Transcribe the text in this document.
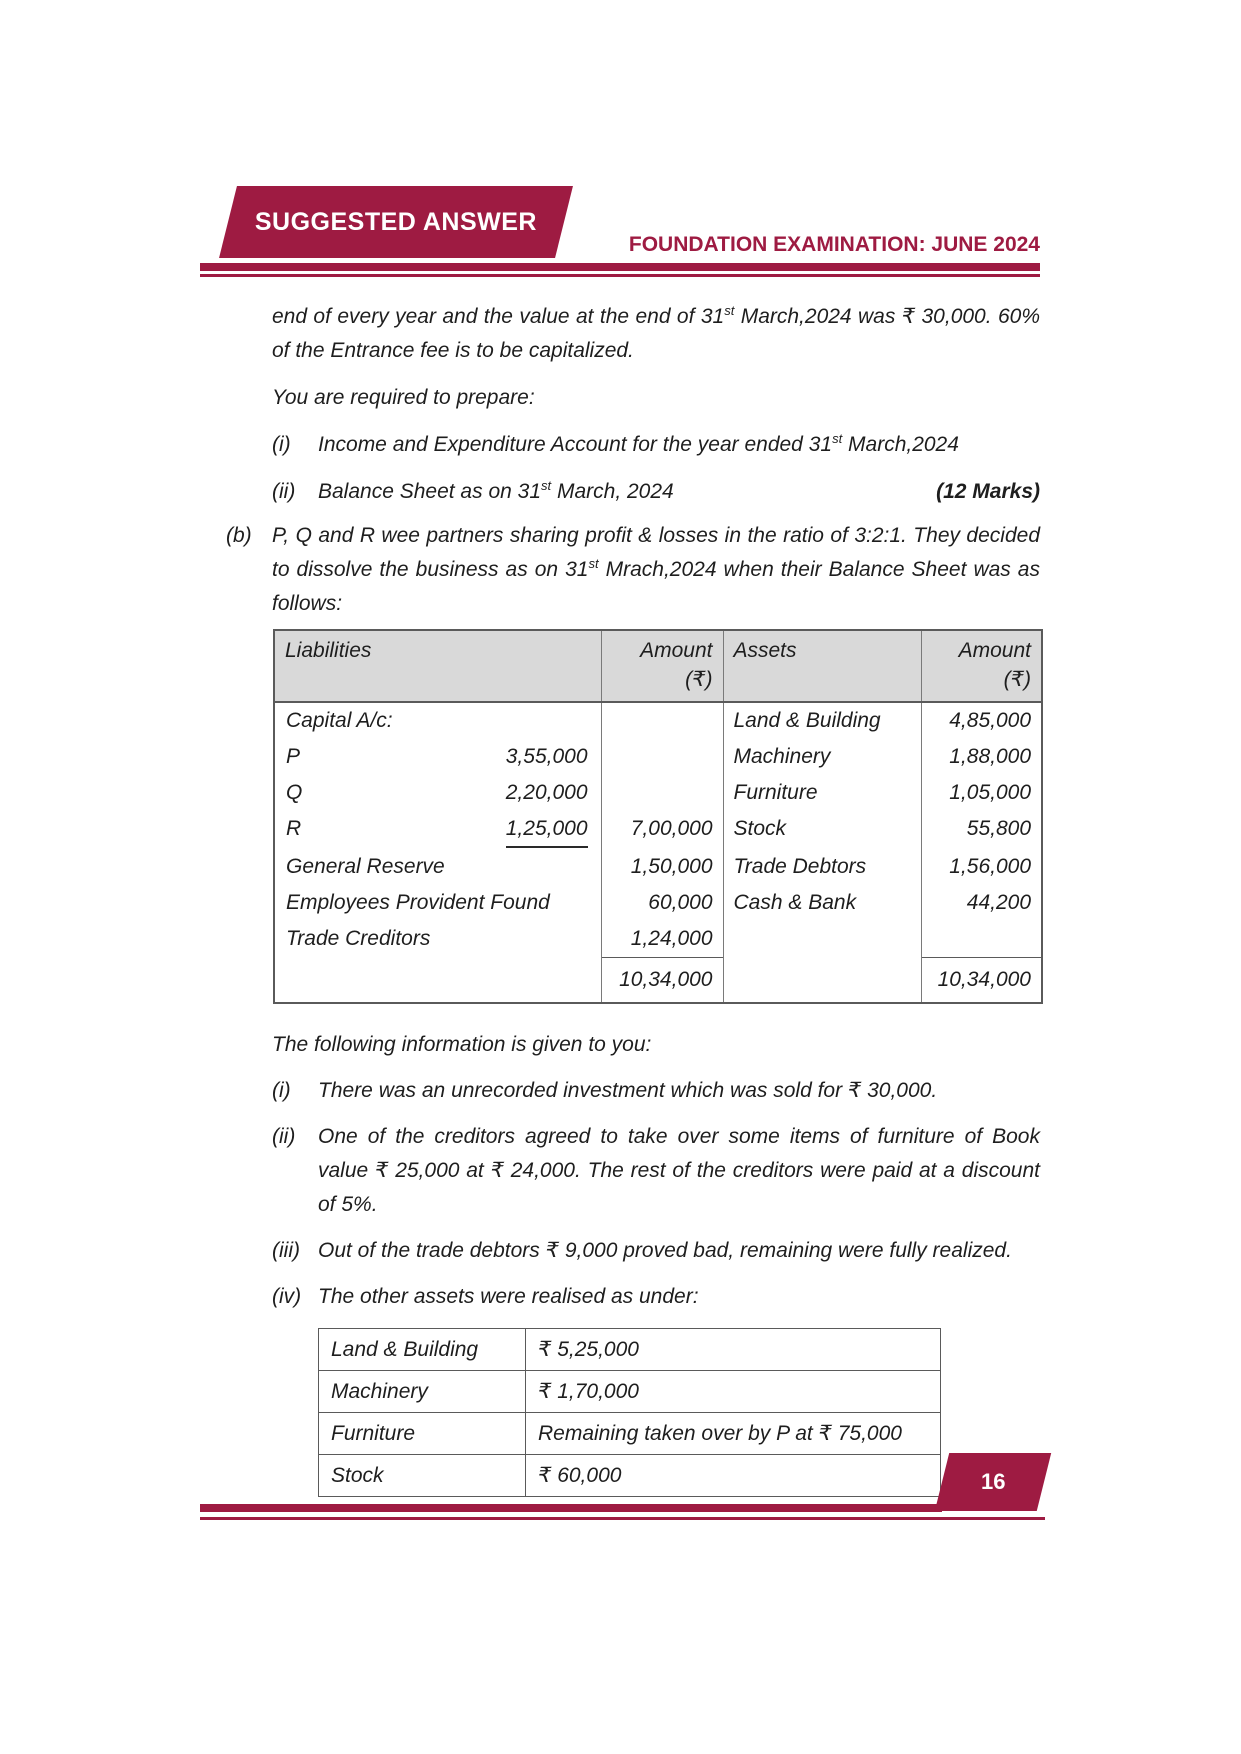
SUGGESTED ANSWER
FOUNDATION EXAMINATION: JUNE 2024

end of every year and the value at the end of 31st March,2024 was ₹ 30,000. 60% of the Entrance fee is to be capitalized.

You are required to prepare:

(i)	Income and Expenditure Account for the year ended 31st March,2024
(ii)	Balance Sheet as on 31st March, 2024	(12 Marks)
(b) P, Q and R wee partners sharing profit & losses in the ratio of 3:2:1. They decided to dissolve the business as on 31st Mrach,2024 when their Balance Sheet was as follows:
Liabilities	Amount
(₹)	Assets	Amount
(₹)

Capital A/c:		Land & Building	4,85,000

P 3,55,000		Machinery	1,88,000

Q 2,20,000		Furniture	1,05,000

R 1,25,000	7,00,000	Stock	55,800

General Reserve	1,50,000	Trade Debtors	1,56,000

Employees Provident Found	60,000	Cash & Bank	44,200

Trade Creditors	1,24,000		
	10,34,000		10,34,000

The following information is given to you:

(i)	There was an unrecorded investment which was sold for ₹ 30,000.
(ii)	One of the creditors agreed to take over some items of furniture of Book value ₹ 25,000 at ₹ 24,000. The rest of the creditors were paid at a discount of 5%.
(iii) Out of the trade debtors ₹ 9,000 proved bad, remaining were fully realized.
(iv) The other assets were realised as under:
Land & Building	₹ 5,25,000
Machinery	₹ 1,70,000
Furniture	Remaining taken over by P at ₹ 75,000
Stock	₹ 60,000	16
